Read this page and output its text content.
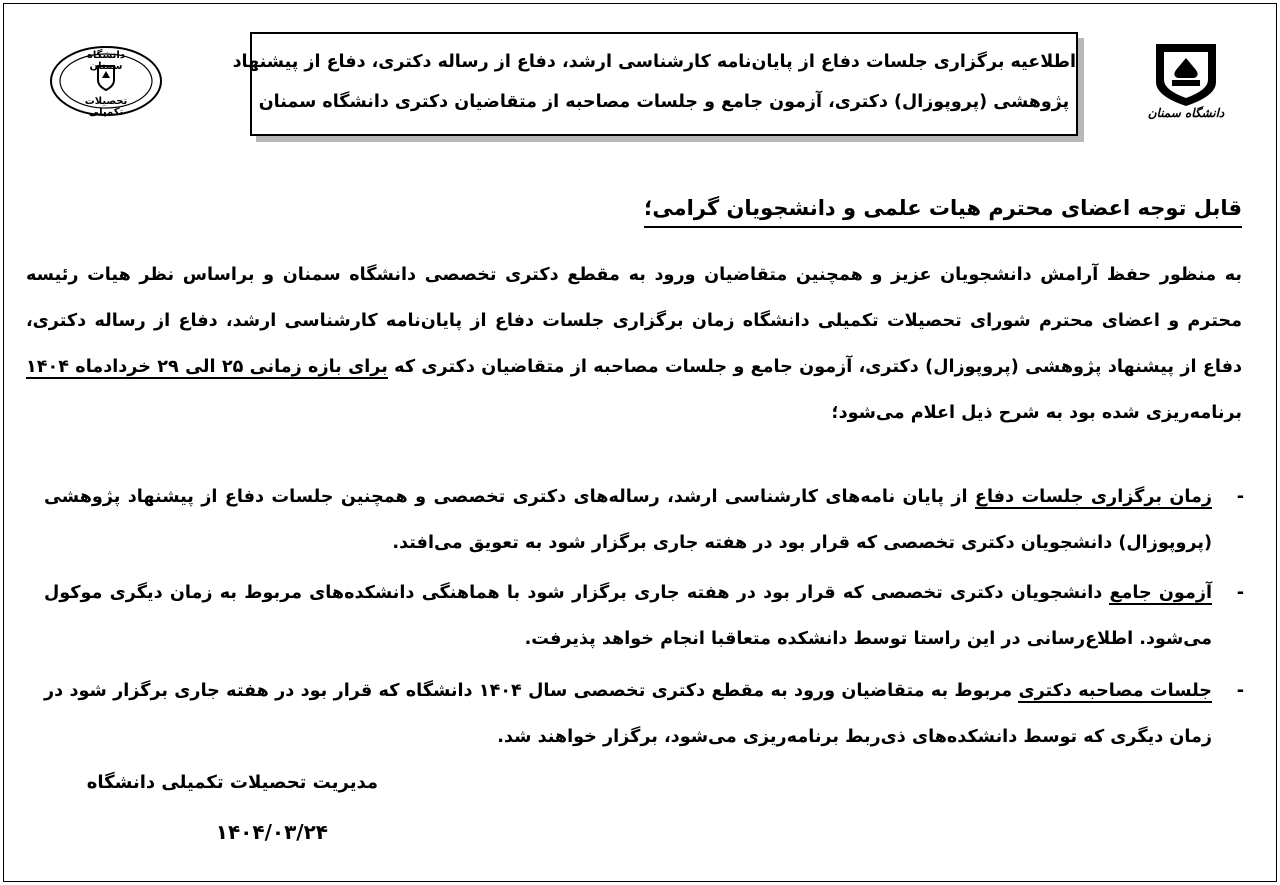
دانشگاه سمنان
دانشگاه سمنان
تحصیلات تکمیلی
اطلاعیه برگزاری جلسات دفاع از پایان‌نامه کارشناسی ارشد، دفاع از رساله دکتری، دفاع از پیشنهاد
پژوهشی (پروپوزال) دکتری، آزمون جامع و جلسات مصاحبه از متقاضیان دکتری دانشگاه سمنان
قابل توجه اعضای محترم هیات علمی و دانشجویان گرامی؛
به منظور حفظ آرامش دانشجویان عزیز و همچنین متقاضیان ورود به مقطع دکتری تخصصی دانشگاه سمنان و براساس نظر هیات رئیسه محترم و اعضای محترم شورای تحصیلات تکمیلی دانشگاه زمان برگزاری جلسات دفاع از پایان‌نامه کارشناسی ارشد، دفاع از رساله دکتری، دفاع از پیشنهاد پژوهشی (پروپوزال) دکتری، آزمون جامع و جلسات مصاحبه از متقاضیان دکتری که برای بازه زمانی ۲۵ الی ۲۹ خردادماه ۱۴۰۴ برنامه‌ریزی شده بود به شرح ذیل اعلام می‌شود؛
-
زمان برگزاری جلسات دفاع از پایان نامه‌های کارشناسی ارشد، رساله‌های دکتری تخصصی و همچنین جلسات دفاع از پیشنهاد پژوهشی (پروپوزال) دانشجویان دکتری تخصصی که قرار بود در هفته جاری برگزار شود به تعویق می‌افتد.
-
آزمون جامع دانشجویان دکتری تخصصی که قرار بود در هفته جاری برگزار شود با هماهنگی دانشکده‌های مربوط به زمان دیگری موکول می‌شود. اطلاع‌رسانی در این راستا توسط دانشکده متعاقبا انجام خواهد پذیرفت.
-
جلسات مصاحبه دکتری مربوط به متقاضیان ورود به مقطع دکتری تخصصی سال ۱۴۰۴ دانشگاه که قرار بود در هفته جاری برگزار شود در زمان دیگری که توسط دانشکده‌های ذی‌ربط برنامه‌ریزی می‌شود، برگزار خواهند شد.
مدیریت تحصیلات تکمیلی دانشگاه
۱۴۰۴/۰۳/۲۴
